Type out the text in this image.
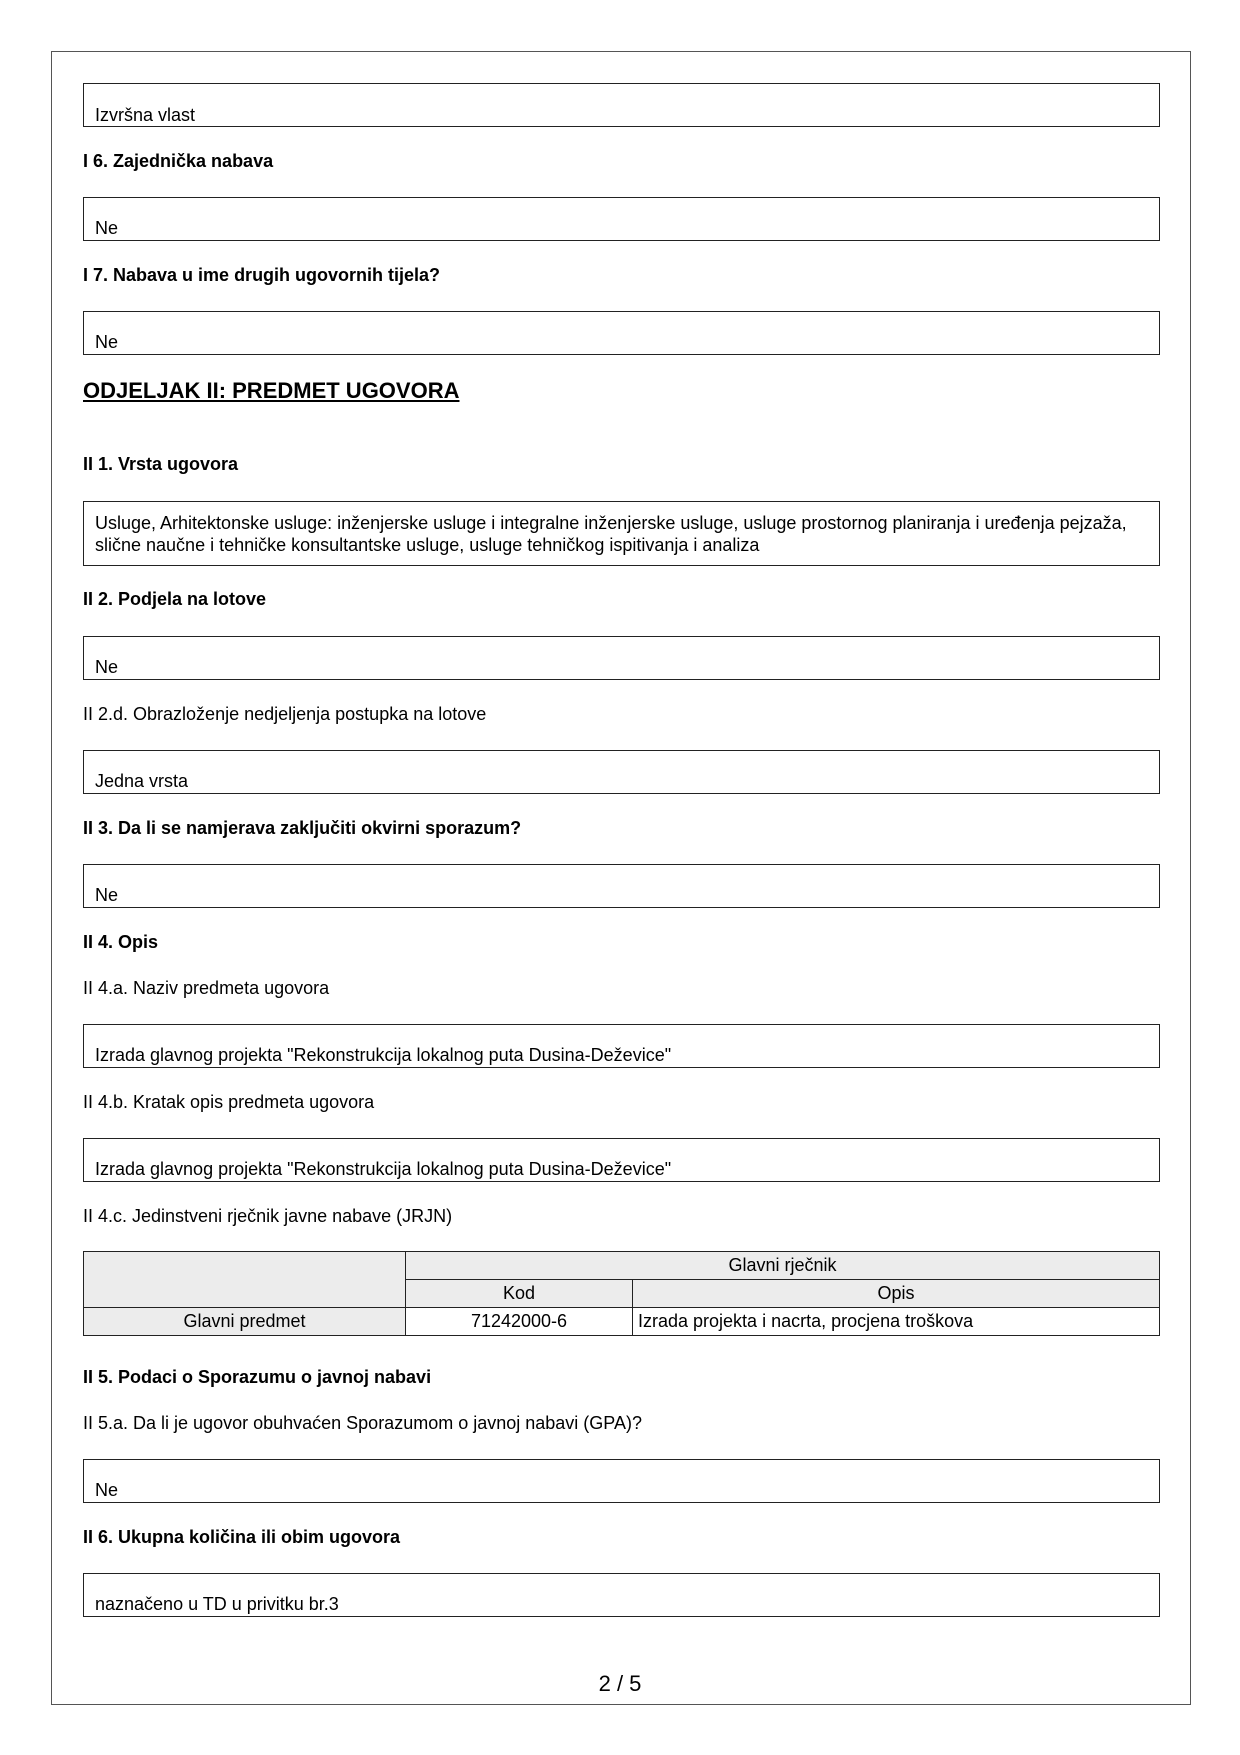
Izvršna vlast
I 6. Zajednička nabava
Ne
I 7. Nabava u ime drugih ugovornih tijela?
Ne
ODJELJAK II: PREDMET UGOVORA
II 1. Vrsta ugovora
Usluge, Arhitektonske usluge: inženjerske usluge i integralne inženjerske usluge, usluge prostornog planiranja i uređenja pejzaža, slične naučne i tehničke konsultantske usluge, usluge tehničkog ispitivanja i analiza
II 2. Podjela na lotove
Ne
II 2.d. Obrazloženje nedjeljenja postupka na lotove
Jedna vrsta
II 3. Da li se namjerava zaključiti okvirni sporazum?
Ne
II 4. Opis
II 4.a. Naziv predmeta ugovora
Izrada glavnog projekta "Rekonstrukcija lokalnog puta Dusina-Deževice"
II 4.b. Kratak opis predmeta ugovora
Izrada glavnog projekta "Rekonstrukcija lokalnog puta Dusina-Deževice"
II 4.c. Jedinstveni rječnik javne nabave (JRJN)
	Glavni rječnik	
	Kod	Opis
Glavni predmet	71242000-6	Izrada projekta i nacrta, procjena troškova
II 5. Podaci o Sporazumu o javnoj nabavi
II 5.a. Da li je ugovor obuhvaćen Sporazumom o javnoj nabavi (GPA)?
Ne
II 6. Ukupna količina ili obim ugovora
naznačeno u TD u privitku br.3
2 / 5
